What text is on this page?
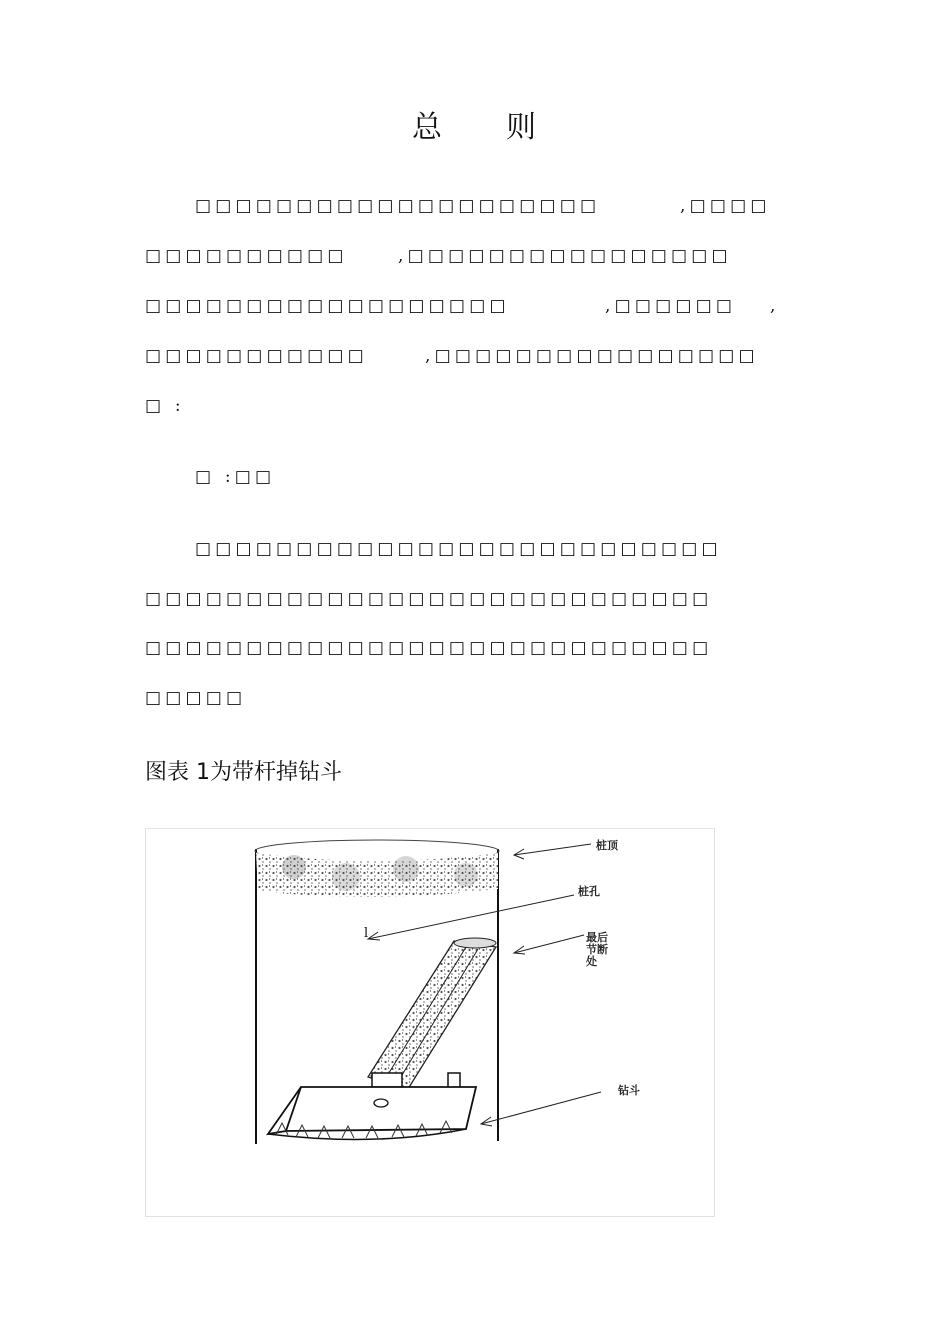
总 则
□□□□□□□□□□□□□□□□□□□□	,□□□□
□□□□□□□□□□	,□□□□□□□□□□□□□□□□
□□□□□□□□□□□□□□□□□□	,□□□□□□ ,
□□□□□□□□□□□	,□□□□□□□□□□□□□□□□
□ :
□ :□□
□□□□□□□□□□□□□□□□□□□□□□□□□□
□□□□□□□□□□□□□□□□□□□□□□□□□□□□
□□□□□□□□□□□□□□□□□□□□□□□□□□□□
□□□□□
图表 1为带杆掉钻斗
桩顶
桩孔
最后
节断
处
钻斗
l
